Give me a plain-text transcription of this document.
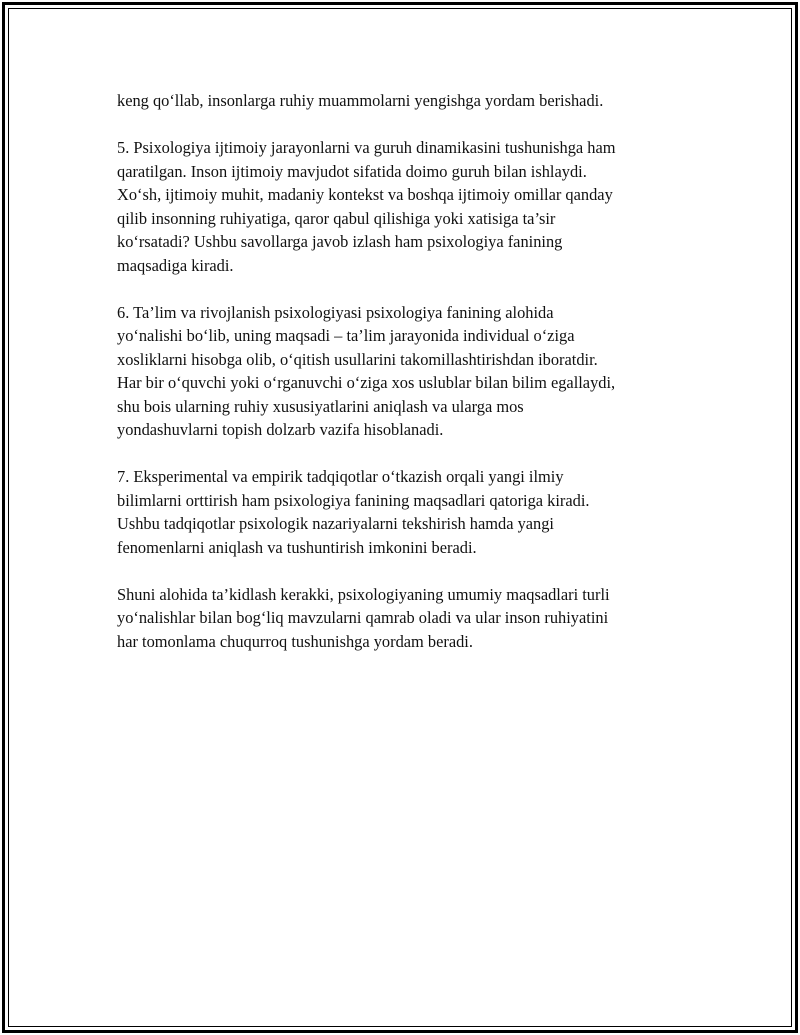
keng qo‘llab, insonlarga ruhiy muammolarni yengishga yordam berishadi.

5. Psixologiya ijtimoiy jarayonlarni va guruh dinamikasini tushunishga ham
qaratilgan. Inson ijtimoiy mavjudot sifatida doimo guruh bilan ishlaydi.
Xo‘sh, ijtimoiy muhit, madaniy kontekst va boshqa ijtimoiy omillar qanday
qilib insonning ruhiyatiga, qaror qabul qilishiga yoki xatisiga ta’sir
ko‘rsatadi? Ushbu savollarga javob izlash ham psixologiya fanining
maqsadiga kiradi.

6. Ta’lim va rivojlanish psixologiyasi psixologiya fanining alohida
yo‘nalishi bo‘lib, uning maqsadi – ta’lim jarayonida individual o‘ziga
xosliklarni hisobga olib, o‘qitish usullarini takomillashtirishdan iboratdir.
Har bir o‘quvchi yoki o‘rganuvchi o‘ziga xos uslublar bilan bilim egallaydi,
shu bois ularning ruhiy xususiyatlarini aniqlash va ularga mos
yondashuvlarni topish dolzarb vazifa hisoblanadi.

7. Eksperimental va empirik tadqiqotlar o‘tkazish orqali yangi ilmiy
bilimlarni orttirish ham psixologiya fanining maqsadlari qatoriga kiradi.
Ushbu tadqiqotlar psixologik nazariyalarni tekshirish hamda yangi
fenomenlarni aniqlash va tushuntirish imkonini beradi.

Shuni alohida ta’kidlash kerakki, psixologiyaning umumiy maqsadlari turli
yo‘nalishlar bilan bog‘liq mavzularni qamrab oladi va ular inson ruhiyatini
har tomonlama chuqurroq tushunishga yordam beradi.
